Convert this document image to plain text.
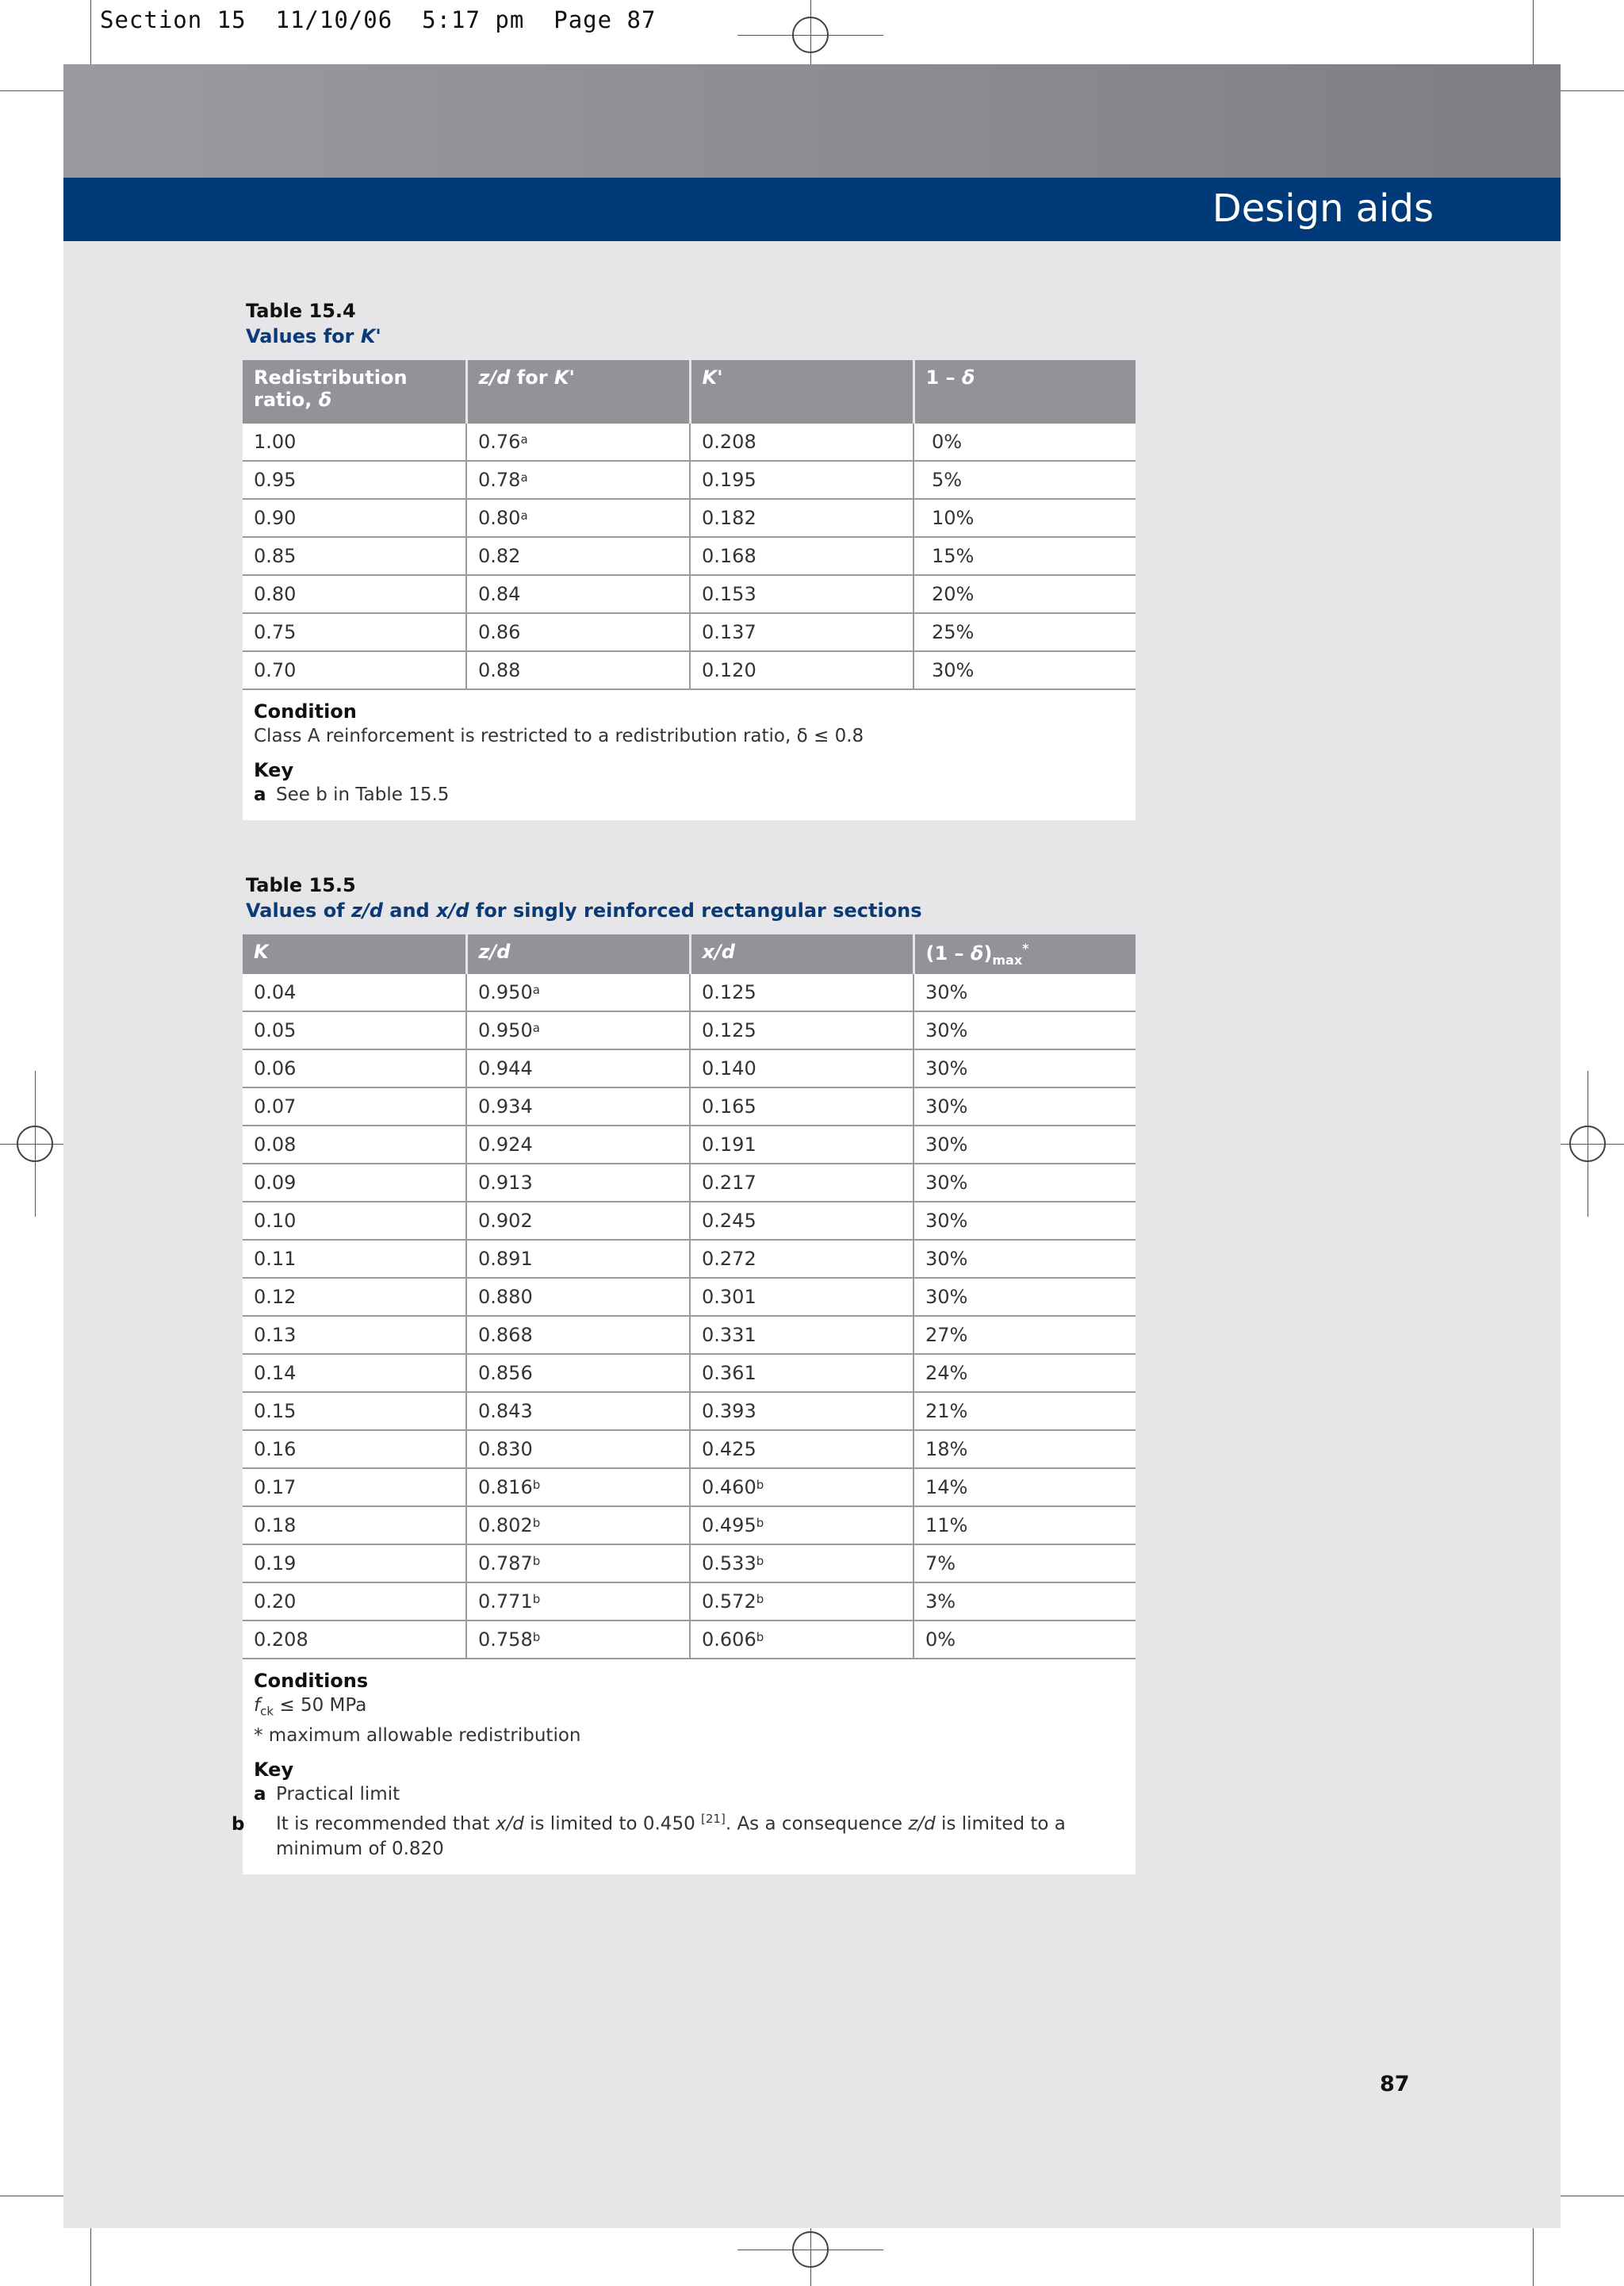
Section 15  11/10/06  5:17 pm  Page 87
Design aids
Table 15.4
Values for K'
Redistribution
ratio, δ	z/d for K'	K'	1 – δ
1.00	0.76$^a$	0.208	0%
0.95	0.78$^a$	0.195	5%
0.90	0.80$^a$	0.182	10%
0.85	0.82	0.168	15%
0.80	0.84	0.153	20%
0.75	0.86	0.137	25%
0.70	0.88	0.120	30%
Condition
Class A reinforcement is restricted to a redistribution ratio, δ ≤ 0.8
Key
a See b in Table 15.5
Table 15.5
Values of z/d and x/d for singly reinforced rectangular sections
K	z/d	x/d	$(1 - \delta)_{max}^*$
0.04	0.950$^a$	0.125	30%
0.05	0.950$^a$	0.125	30%
0.06	0.944	0.140	30%
0.07	0.934	0.165	30%
0.08	0.924	0.191	30%
0.09	0.913	0.217	30%
0.10	0.902	0.245	30%
0.11	0.891	0.272	30%
0.12	0.880	0.301	30%
0.13	0.868	0.331	27%
0.14	0.856	0.361	24%
0.15	0.843	0.393	21%
0.16	0.830	0.425	18%
0.17	0.816$^b$	0.460$^b$	14%
0.18	0.802$^b$	0.495$^b$	11%
0.19	0.787$^b$	0.533$^b$	7%
0.20	0.771$^b$	0.572$^b$	3%
0.208	0.758$^b$	0.606$^b$	0%
Conditions
$f_{ck} \le 50$ MPa
* maximum allowable redistribution
Key
a Practical limit
b It is recommended that x/d is limited to 0.450 [21]. As a consequence z/d is limited to a minimum of 0.820
87
